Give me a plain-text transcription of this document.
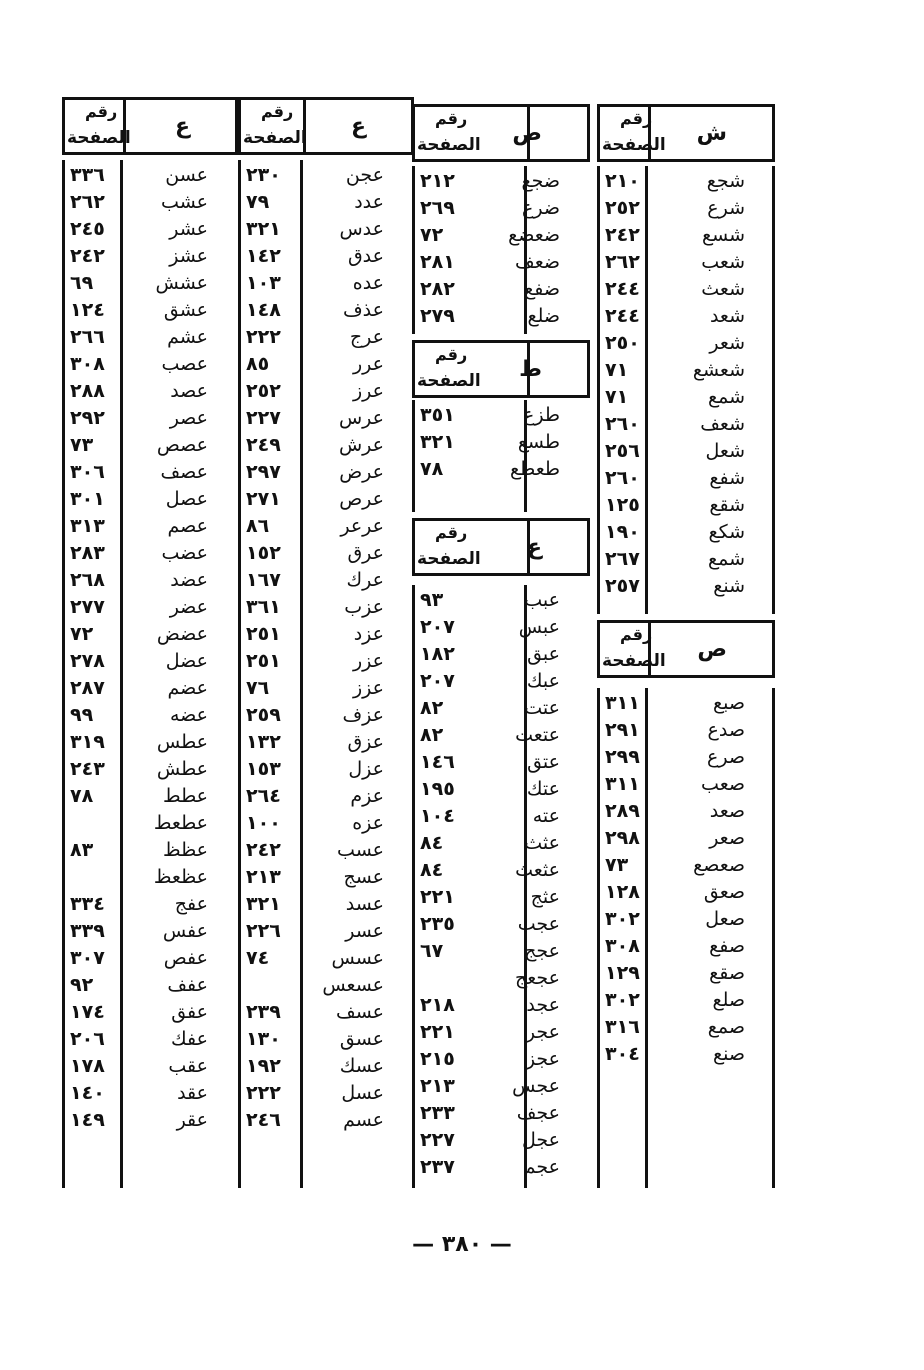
ش
رقم
الصفحة
شجع
٢١٠
شرع
٢٥٢
شسع
٢٤٢
شعب
٢٦٢
شعث
٢٤٤
شعد
٢٤٤
شعر
٢٥٠
شعشع
٧١
شمع
٧١
شعف
٢٦٠
شعل
٢٥٦
شفع
٢٦٠
شقع
١٢٥
شكع
١٩٠
شمع
٢٦٧
شنع
٢٥٧
ص
رقم
الصفحة
صبع
٣١١
صدع
٢٩١
صرع
٢٩٩
صعب
٣١١
صعد
٢٨٩
صعر
٢٩٨
صعصع
٧٣
صعق
١٢٨
صعل
٣٠٢
صفع
٣٠٨
صقع
١٢٩
صلع
٣٠٢
صمع
٣١٦
صنع
٣٠٤
ض
رقم
الصفحة
ضجع
٢١٢
ضرع
٢٦٩
ضعضع
٧٢
ضعف
٢٨١
ضفع
٢٨٢
ضلع
٢٧٩
ط
رقم
الصفحة
طزع
٣٥١
طسع
٣٢١
طعطع
٧٨
ع
رقم
الصفحة
عبب
٩٣
عبس
٢٠٧
عبق
١٨٢
عبك
٢٠٧
عتت
٨٢
عتعت
٨٢
عتق
١٤٦
عتك
١٩٥
عته
١٠٤
عثث
٨٤
عثعث
٨٤
عثج
٢٢١
عجب
٢٣٥
عجج
٦٧
عجعج
عجد
٢١٨
عجر
٢٢١
عجز
٢١٥
عجس
٢١٣
عجف
٢٣٣
عجل
٢٢٧
عجم
٢٣٧
ع
رقم
الصفحة
عجن
٢٣٠
عدد
٧٩
عدس
٣٢١
عدق
١٤٢
عده
١٠٣
عذف
١٤٨
عرج
٢٢٢
عرر
٨٥
عرز
٢٥٢
عرس
٢٢٧
عرش
٢٤٩
عرض
٢٩٧
عرص
٢٧١
عرعر
٨٦
عرق
١٥٢
عرك
١٦٧
عزب
٣٦١
عزد
٢٥١
عزر
٢٥١
عزز
٧٦
عزف
٢٥٩
عزق
١٣٢
عزل
١٥٣
عزم
٢٦٤
عزه
١٠٠
عسب
٢٤٢
عسج
٢١٣
عسد
٣٢١
عسر
٢٢٦
عسس
٧٤
عسعس
عسف
٢٣٩
عسق
١٣٠
عسك
١٩٢
عسل
٢٢٢
عسم
٢٤٦
ع
رقم
الصفحة
عسن
٣٣٦
عشب
٢٦٢
عشر
٢٤٥
عشز
٢٤٢
عشش
٦٩
عشق
١٢٤
عشم
٢٦٦
عصب
٣٠٨
عصد
٢٨٨
عصر
٢٩٢
عصص
٧٣
عصف
٣٠٦
عصل
٣٠١
عصم
٣١٣
عضب
٢٨٣
عضد
٢٦٨
عضر
٢٧٧
عضض
٧٢
عضل
٢٧٨
عضم
٢٨٧
عضه
٩٩
عطس
٣١٩
عطش
٢٤٣
عطط
٧٨
عطعط
عظظ
٨٣
عظعظ
عفج
٣٣٤
عفس
٣٣٩
عفص
٣٠٧
عفف
٩٢
عفق
١٧٤
عفك
٢٠٦
عقب
١٧٨
عقد
١٤٠
عقر
١٤٩
— ٣٨٠ —
